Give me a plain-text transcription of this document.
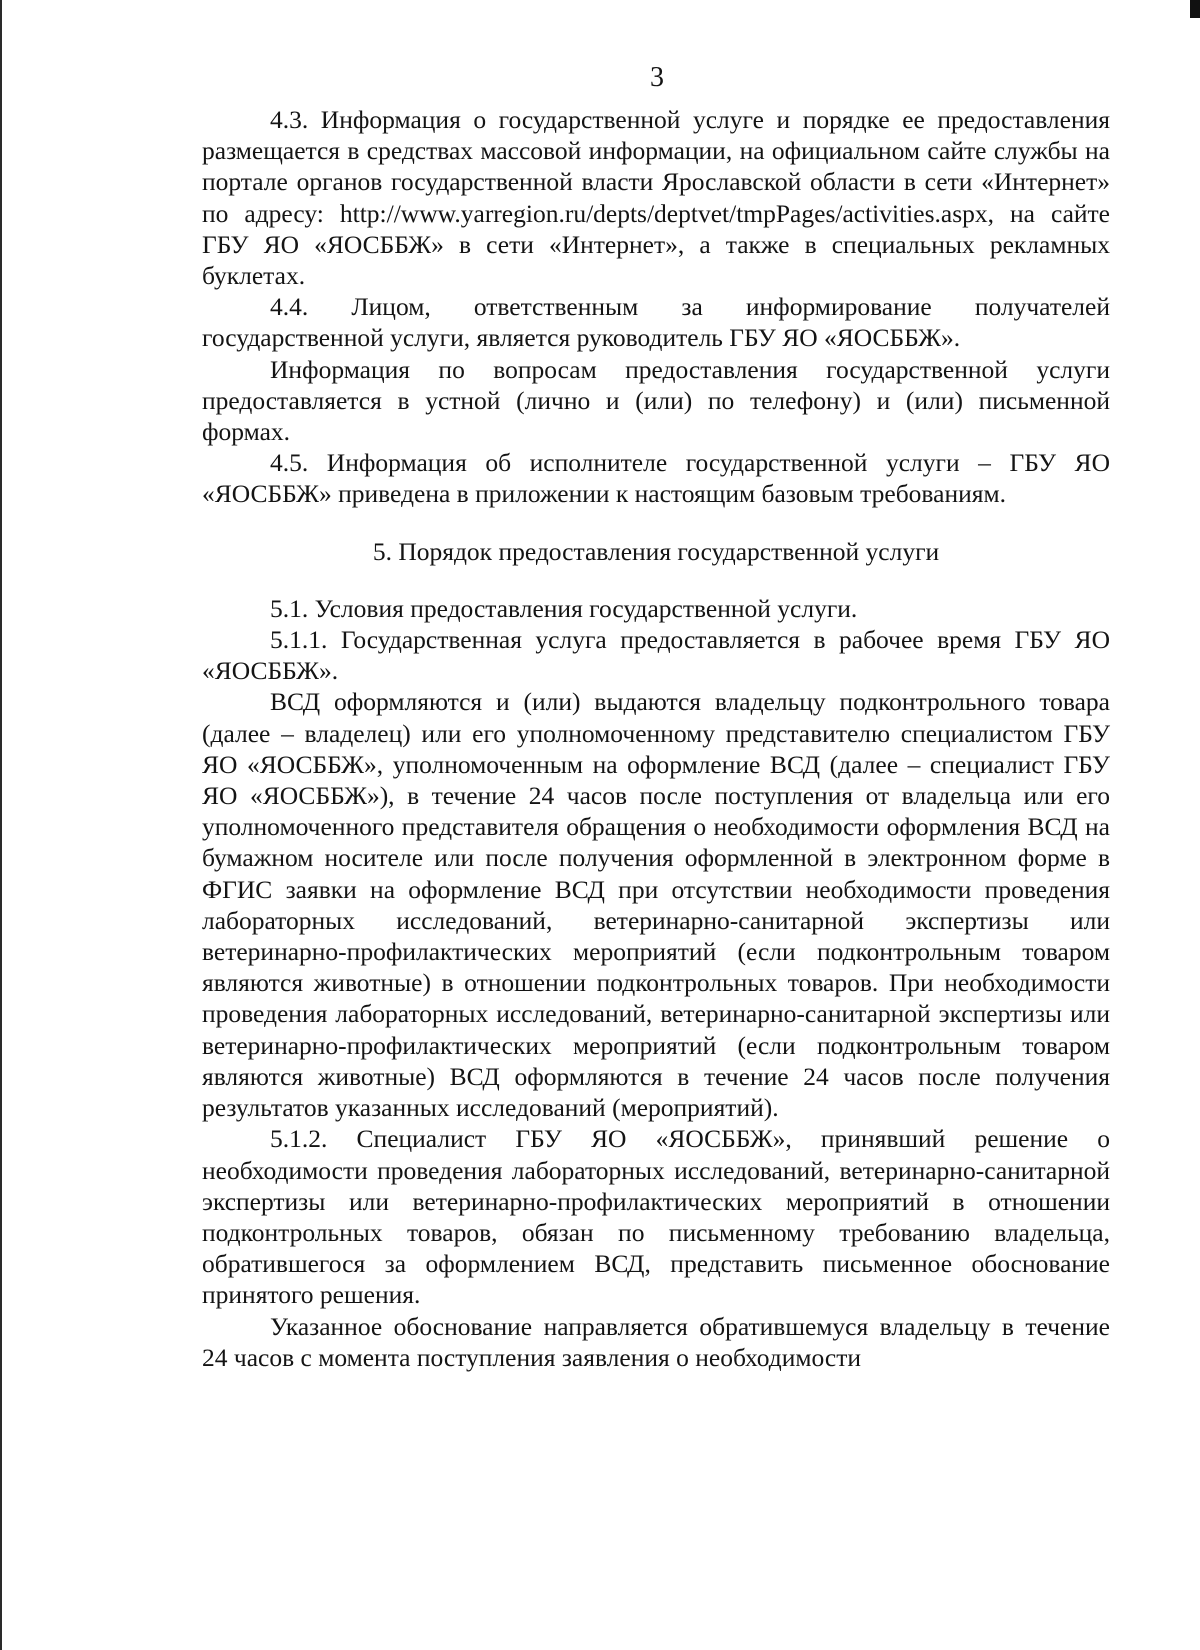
3

4.3. Информация о государственной услуге и порядке ее предоставления размещается в средствах массовой информации, на официальном сайте службы на портале органов государственной власти Ярославской области в сети «Интернет» по адресу: http://www.yarregion.ru/depts/deptvet/tmpPages/activities.aspx, на сайте ГБУ ЯО «ЯОСББЖ» в сети «Интернет», а также в специальных рекламных буклетах.

4.4. Лицом, ответственным за информирование получателей государственной услуги, является руководитель ГБУ ЯО «ЯОСББЖ».

Информация по вопросам предоставления государственной услуги предоставляется в устной (лично и (или) по телефону) и (или) письменной формах.

4.5. Информация об исполнителе государственной услуги – ГБУ ЯО «ЯОСББЖ» приведена в приложении к настоящим базовым требованиям.

5. Порядок предоставления государственной услуги

5.1. Условия предоставления государственной услуги.

5.1.1. Государственная услуга предоставляется в рабочее время ГБУ ЯО «ЯОСББЖ».

ВСД оформляются и (или) выдаются владельцу подконтрольного товара (далее – владелец) или его уполномоченному представителю специалистом ГБУ ЯО «ЯОСББЖ», уполномоченным на оформление ВСД (далее – специалист ГБУ ЯО «ЯОСББЖ»), в течение 24 часов после поступления от владельца или его уполномоченного представителя обращения о необходимости оформления ВСД на бумажном носителе или после получения оформленной в электронном форме в ФГИС заявки на оформление ВСД при отсутствии необходимости проведения лабораторных исследований, ветеринарно-санитарной экспертизы или ветеринарно-профилактических мероприятий (если подконтрольным товаром являются животные) в отношении подконтрольных товаров. При необходимости проведения лабораторных исследований, ветеринарно-санитарной экспертизы или ветеринарно-профилактических мероприятий (если подконтрольным товаром являются животные) ВСД оформляются в течение 24 часов после получения результатов указанных исследований (мероприятий).

5.1.2. Специалист ГБУ ЯО «ЯОСББЖ», принявший решение о необходимости проведения лабораторных исследований, ветеринарно-санитарной экспертизы или ветеринарно-профилактических мероприятий в отношении подконтрольных товаров, обязан по письменному требованию владельца, обратившегося за оформлением ВСД, представить письменное обоснование принятого решения.

Указанное обоснование направляется обратившемуся владельцу в течение 24 часов с момента поступления заявления о необходимости
